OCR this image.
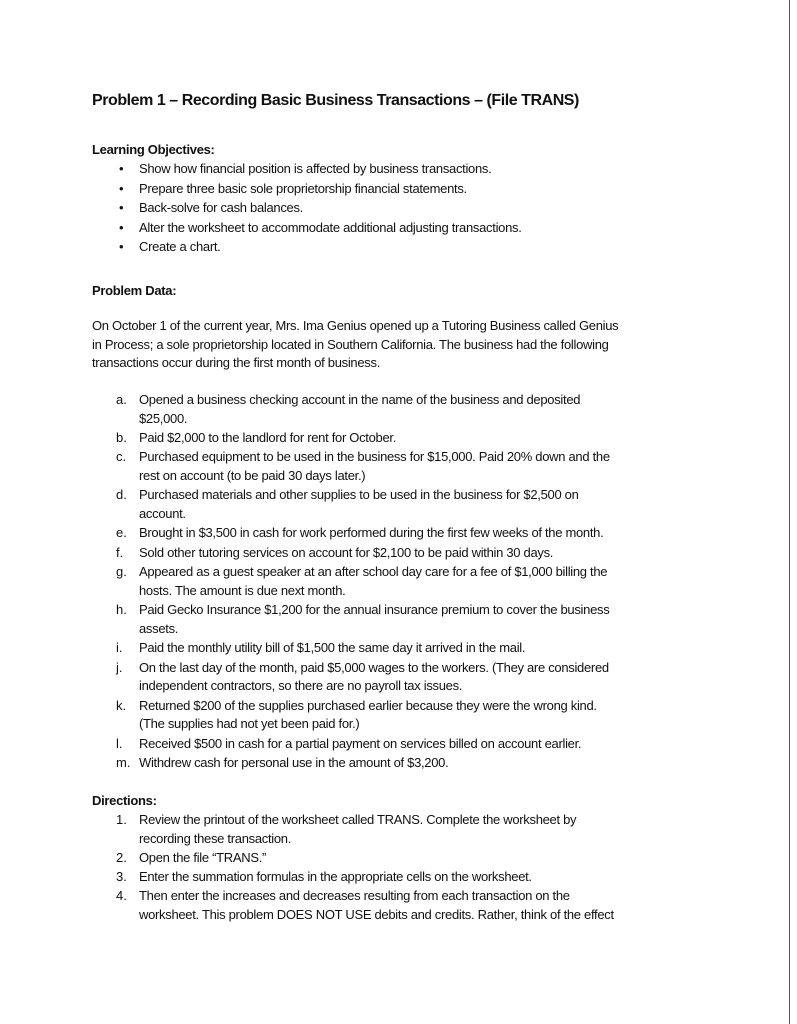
Problem 1 – Recording Basic Business Transactions – (File TRANS)
Learning Objectives:
• Show how financial position is affected by business transactions.
• Prepare three basic sole proprietorship financial statements.
• Back-solve for cash balances.
• Alter the worksheet to accommodate additional adjusting transactions.
• Create a chart.
Problem Data:
On October 1 of the current year, Mrs. Ima Genius opened up a Tutoring Business called Genius
in Process; a sole proprietorship located in Southern California. The business had the following
transactions occur during the first month of business.
a. Opened a business checking account in the name of the business and deposited
$25,000.
b. Paid $2,000 to the landlord for rent for October.
c. Purchased equipment to be used in the business for $15,000. Paid 20% down and the
rest on account (to be paid 30 days later.)
d. Purchased materials and other supplies to be used in the business for $2,500 on
account.
e. Brought in $3,500 in cash for work performed during the first few weeks of the month.
f. Sold other tutoring services on account for $2,100 to be paid within 30 days.
g. Appeared as a guest speaker at an after school day care for a fee of $1,000 billing the
hosts. The amount is due next month.
h. Paid Gecko Insurance $1,200 for the annual insurance premium to cover the business
assets.
i. Paid the monthly utility bill of $1,500 the same day it arrived in the mail.
j. On the last day of the month, paid $5,000 wages to the workers. (They are considered
independent contractors, so there are no payroll tax issues.
k. Returned $200 of the supplies purchased earlier because they were the wrong kind.
(The supplies had not yet been paid for.)
l. Received $500 in cash for a partial payment on services billed on account earlier.
m. Withdrew cash for personal use in the amount of $3,200.
Directions:
1. Review the printout of the worksheet called TRANS. Complete the worksheet by
recording these transaction.
2. Open the file “TRANS.”
3. Enter the summation formulas in the appropriate cells on the worksheet.
4. Then enter the increases and decreases resulting from each transaction on the
worksheet. This problem DOES NOT USE debits and credits. Rather, think of the effect
